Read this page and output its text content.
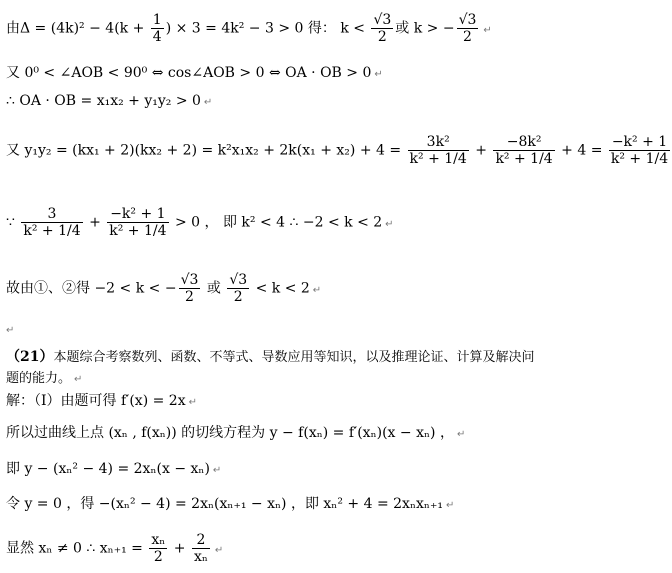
由$\Delta = (4k)^2 - 4(k + \frac{1}{4}$ ) × 3 = 4k² − 3 > 0 得： $k < \frac{√3}{2}$ 或 k > − $\frac{√3}{2}$ ↵
又 0⁰ < ∠AOB < 90⁰ ⇔ cos∠AOB > 0 ⇔ OA · OB > 0 ↵
∴ OA · OB = x₁x₂ + y₁y₂ > 0 ↵
又 $y_1y_2 = (kx_1 + 2)(kx_2 + 2) = k^2x_1x_2 + 2k(x_1 + x_2) + 4 = \frac{\text{3k²}}{\text{k² + 1/4}} + \frac{\text{−8k²}}{\text{k² + 1/4}} + 4 = \frac{\text{−k² + 1}}{\text{k² + 1/4}}$
∵ $\frac{3}{\text{k² + 1/4}} + \frac{\text{−k² + 1}}{\text{k² + 1/4}} > 0$ ， 即 k² < 4 ∴ −2 < k < 2 ↵
故由①、②得 −2 < k < − $\frac{√3}{2}$ 或 $\frac{√3}{2} < k < 2$ ↵
↵
（21）本题综合考察数列、函数、不等式、导数应用等知识，以及推理论证、计算及解决问题的能力。 ↵
解：（Ⅰ）由题可得 f′(x) = 2x ↵
所以过曲线上点 (xₙ , f(xₙ)) 的切线方程为 y − f(xₙ) = f′(xₙ)(x − xₙ) ， ↵
即 y − (xₙ² − 4) = 2xₙ(x − xₙ) ↵
令 y = 0 ，得 −(xₙ² − 4) = 2xₙ(xₙ₊₁ − xₙ) ，即 xₙ² + 4 = 2xₙxₙ₊₁ ↵
显然 xₙ ≠ 0 ∴ $x_{n+1} = \frac{\text{xₙ}}{2} + \frac{2}{\text{xₙ}}$ ↵
